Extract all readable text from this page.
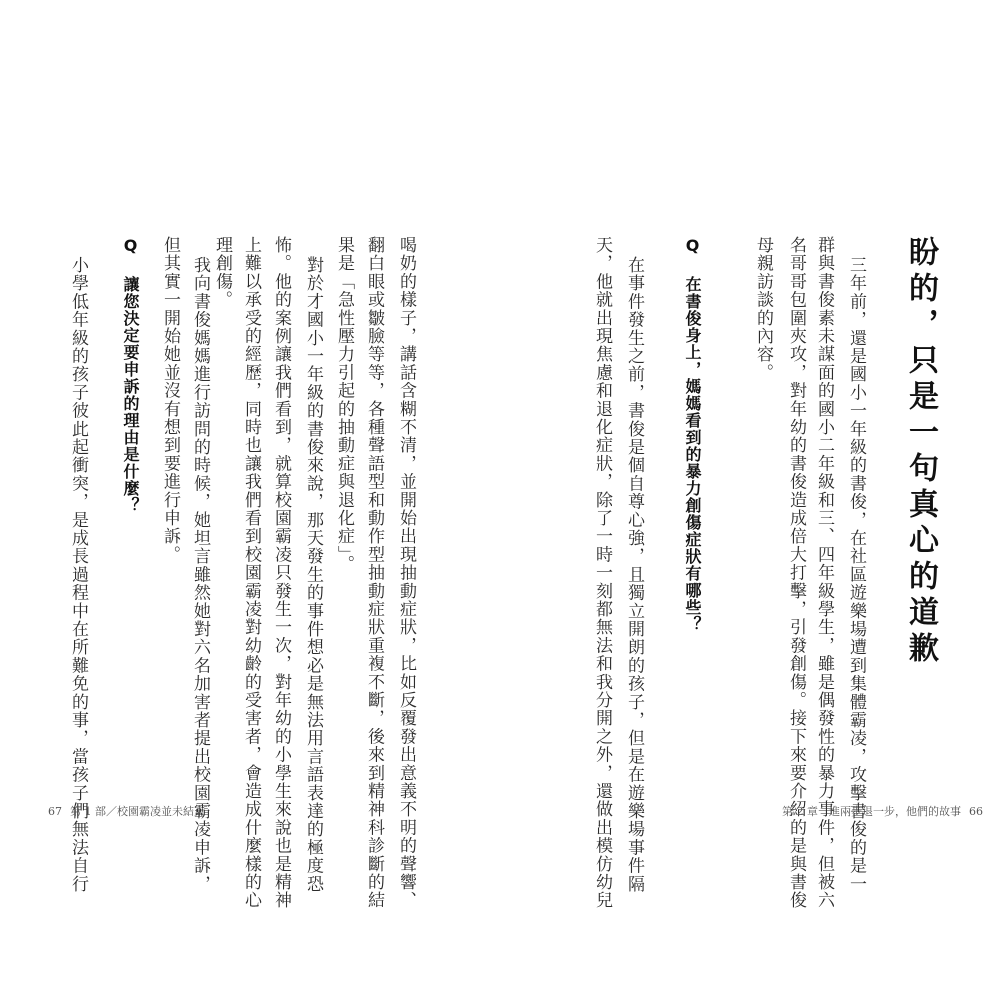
盼的，只是一句真心的道歉
三年前，還是國小一年級的書俊，在社區遊樂場遭到集體霸凌，攻擊書俊的是一
群與書俊素未謀面的國小二年級和三、四年級學生，雖是偶發性的暴力事件，但被六
名哥哥包圍夾攻，對年幼的書俊造成倍大打擊，引發創傷。接下來要介紹的是與書俊
母親訪談的內容。
Q 在書俊身上，媽媽看到的暴力創傷症狀有哪些？
在事件發生之前，書俊是個自尊心強，且獨立開朗的孩子，但是在遊樂場事件隔
天，他就出現焦慮和退化症狀，除了一時一刻都無法和我分開之外，還做出模仿幼兒	第 2 章　進兩步退一步，他們的故事 66
喝奶的樣子，講話含糊不清，並開始出現抽動症狀，比如反覆發出意義不明的聲響、
翻白眼或皺臉等等，各種聲語型和動作型抽動症狀重複不斷，後來到精神科診斷的結
果是「急性壓力引起的抽動症與退化症」。
對於才國小一年級的書俊來說，那天發生的事件想必是無法用言語表達的極度恐
怖。他的案例讓我們看到，就算校園霸凌只發生一次，對年幼的小學生來說也是精神
上難以承受的經歷，同時也讓我們看到校園霸凌對幼齡的受害者，會造成什麼樣的心
理創傷。
Q 讓您決定要申訴的理由是什麼？
小學低年級的孩子彼此起衝突，是成長過程中在所難免的事，當孩子們無法自行
67 第 1 部／校園霸凌並未結束
我向書俊媽媽進行訪問的時候，她坦言雖然她對六名加害者提出校園霸凌申訴，
但其實一開始她並沒有想到要進行申訴。
